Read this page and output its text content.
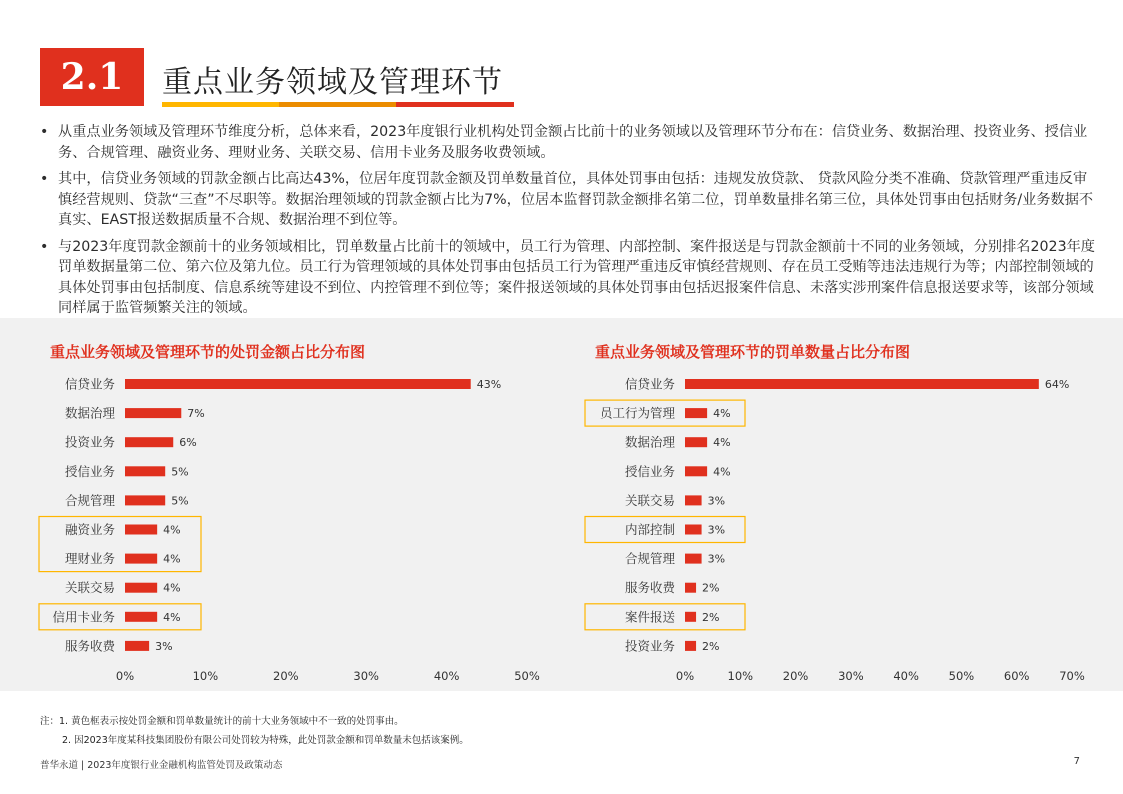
2.1 重点业务领域及管理环节
• 从重点业务领域及管理环节维度分析，总体来看，2023年度银行业机构处罚金额占比前十的业务领域以及管理环节分布在：信贷业务、数据治理、投资业务、授信业务、合规管理、融资业务、理财业务、关联交易、信用卡业务及服务收费领域。
• 其中，信贷业务领域的罚款金额占比高达43%，位居年度罚款金额及罚单数量首位，具体处罚事由包括：违规发放贷款、 贷款风险分类不准确、贷款管理严重违反审慎经营规则、贷款“三查”不尽职等。数据治理领域的罚款金额占比为7%，位居本监督罚款金额排名第二位，罚单数量排名第三位，具体处罚事由包括财务/业务数据不真实、EAST报送数据质量不合规、数据治理不到位等。
• 与2023年度罚款金额前十的业务领域相比，罚单数量占比前十的领域中，员工行为管理、内部控制、案件报送是与罚款金额前十不同的业务领域，分别排名2023年度罚单数据量第二位、第六位及第九位。员工行为管理领域的具体处罚事由包括员工行为管理严重违反审慎经营规则、存在员工受贿等违法违规行为等；内部控制领域的具体处罚事由包括制度、信息系统等建设不到位、内控管理不到位等；案件报送领域的具体处罚事由包括迟报案件信息、未落实涉刑案件信息报送要求等，该部分领域同样属于监管频繁关注的领域。
重点业务领域及管理环节的处罚金额占比分布图	重点业务领域及管理环节的罚单数量占比分布图
信贷业务	43%
数据治理	7%
投资业务	6%
授信业务	5%
合规管理	5%
融资业务	4%
理财业务	4%
关联交易	4%
信用卡业务	4%
服务收费	3%
0%	10%	20%	30%	40%	50%
信贷业务	64%
员工行为管理	4%
数据治理	4%
授信业务	4%
关联交易	3%
内部控制	3%
合规管理	3%
服务收费 2%
案件报送 2%
投资业务 2%
0%	10%	20%	30%	40%	50%	60%	70%
注：1. 黄色框表示按处罚金额和罚单数量统计的前十大业务领域中不一致的处罚事由。
2. 因2023年度某科技集团股份有限公司处罚较为特殊，此处罚款金额和罚单数量未包括该案例。
普华永道 | 2023年度银行业金融机构监管处罚及政策动态	7
